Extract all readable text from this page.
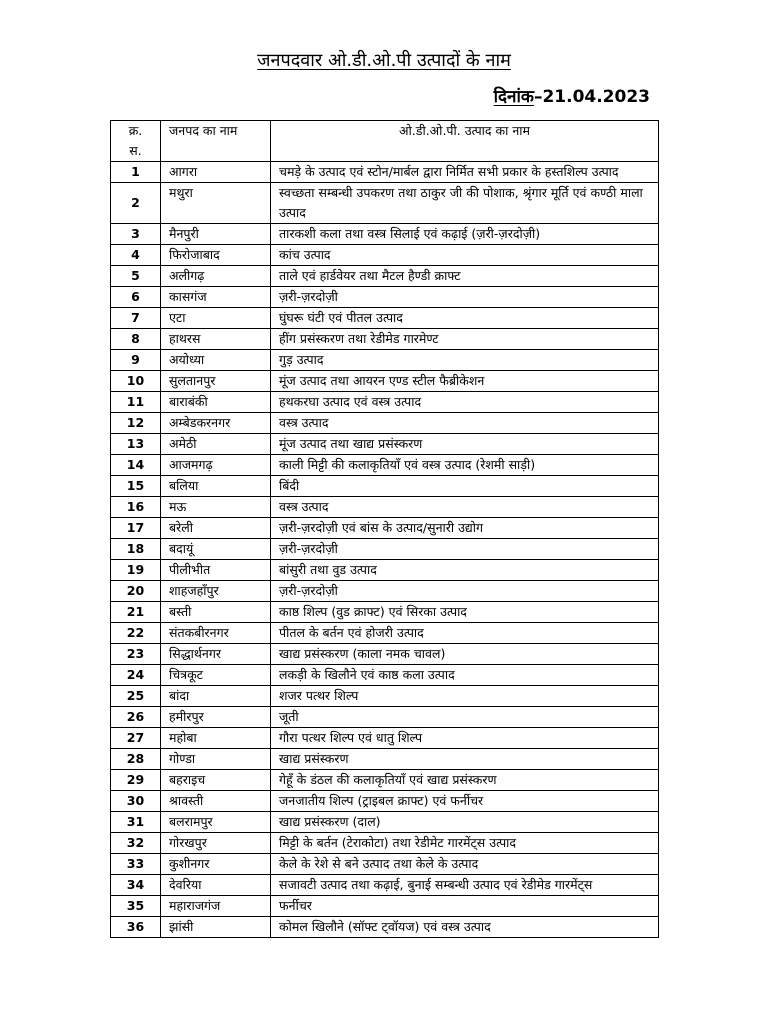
जनपदवार ओ.डी.ओ.पी उत्पादों के नाम
दिनांक–21.04.2023
क्र.
स.	जनपद का नाम	ओ.डी.ओ.पी. उत्पाद का नाम
1	आगरा	चमड़े के उत्पाद एवं स्टोन/मार्बल द्वारा निर्मित सभी प्रकार के हस्तशिल्प उत्पाद
2	मथुरा	स्वच्छता सम्बन्धी उपकरण तथा ठाकुर जी की पोशाक, श्रृंगार मूर्ति एवं कण्ठी माला उत्पाद
3	मैनपुरी	तारकशी कला तथा वस्त्र सिलाई एवं कढ़ाई (ज़री-ज़रदोज़ी)
4	फिरोजाबाद	कांच उत्पाद
5	अलीगढ़	ताले एवं हार्डवेयर तथा मैटल हैण्डी क्राफ्ट
6	कासगंज	ज़री-ज़रदोज़ी
7	एटा	घुंघरू घंटी एवं पीतल उत्पाद
8	हाथरस	हींग प्रसंस्करण तथा रेडीमेड गारमेण्ट
9	अयोध्या	गुड़ उत्पाद
10	सुलतानपुर	मूंज उत्पाद तथा आयरन एण्ड स्टील फैब्रीकेशन
11	बाराबंकी	हथकरघा उत्पाद एवं वस्त्र उत्पाद
12	अम्बेडकरनगर	वस्त्र उत्पाद
13	अमेठी	मूंज उत्पाद तथा खाद्य प्रसंस्करण
14	आजमगढ़	काली मिट्टी की कलाकृतियाँ एवं वस्त्र उत्पाद (रेशमी साड़ी)
15	बलिया	बिंदी
16	मऊ	वस्त्र उत्पाद
17	बरेली	ज़री-ज़रदोज़ी एवं बांस के उत्पाद/सुनारी उद्योग
18	बदायूं	ज़री-ज़रदोज़ी
19	पीलीभीत	बांसुरी तथा वुड उत्पाद
20	शाहजहाँपुर	ज़री-ज़रदोज़ी
21	बस्ती	काष्ठ शिल्प (वुड क्राफ्ट) एवं सिरका उत्पाद
22	संतकबीरनगर	पीतल के बर्तन एवं होजरी उत्पाद
23	सिद्धार्थनगर	खाद्य प्रसंस्करण (काला नमक चावल)
24	चित्रकूट	लकड़ी के खिलौने एवं काष्ठ कला उत्पाद
25	बांदा	शजर पत्थर शिल्प
26	हमीरपुर	जूती
27	महोबा	गौरा पत्थर शिल्प एवं धातु शिल्प
28	गोण्डा	खाद्य प्रसंस्करण
29	बहराइच	गेहूँ के डंठल की कलाकृतियाँ एवं खाद्य प्रसंस्करण
30	श्रावस्ती	जनजातीय शिल्प (ट्राइबल क्राफ्ट) एवं फर्नीचर
31	बलरामपुर	खाद्य प्रसंस्करण (दाल)
32	गोरखपुर	मिट्टी के बर्तन (टेराकोटा) तथा रेडीमेट गारमेंट्स उत्पाद
33	कुशीनगर	केले के रेशे से बने उत्पाद तथा केले के उत्पाद
34	देवरिया	सजावटी उत्पाद तथा कढ़ाई, बुनाई सम्बन्धी उत्पाद एवं रेडीमेड गारमेंट्स
35	महाराजगंज	फर्नीचर
36	झांसी	कोमल खिलौने (सॉफ्ट ट्वॉयज) एवं वस्त्र उत्पाद
